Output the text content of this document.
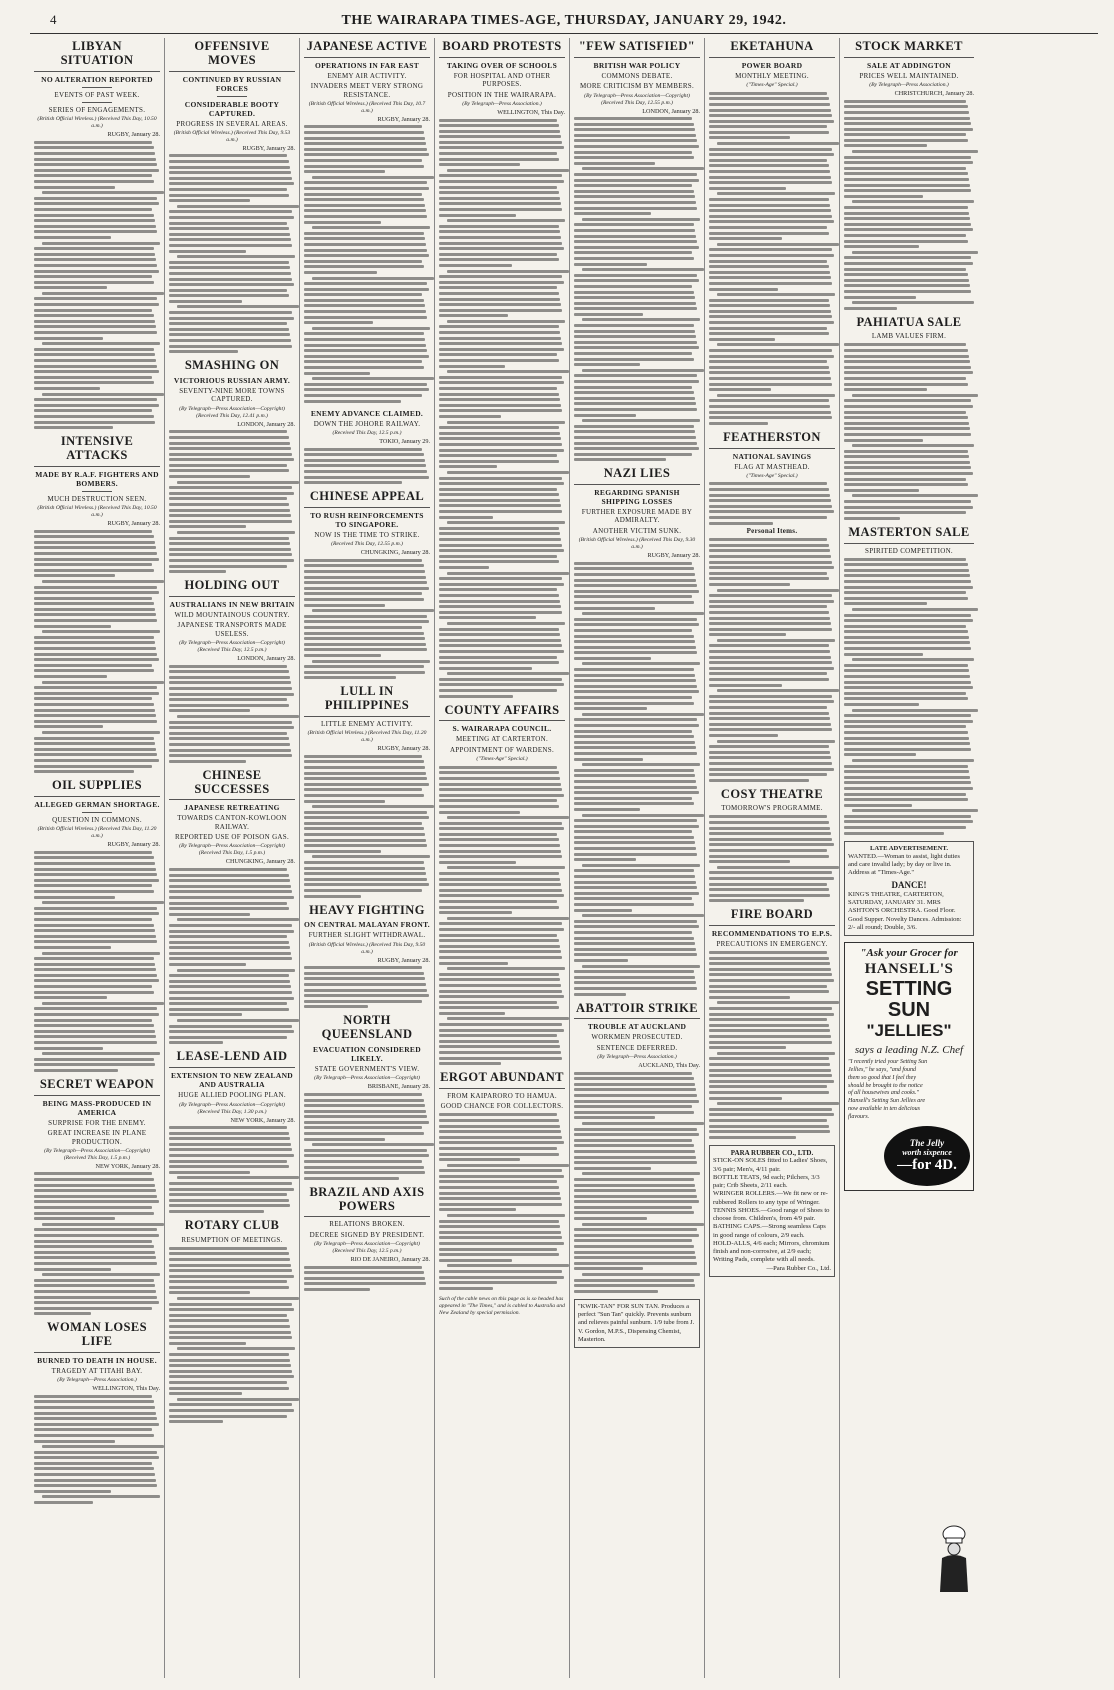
4	THE WAIRARAPA TIMES-AGE, THURSDAY, JANUARY 29, 1942.
LIBYAN SITUATION
NO ALTERATION REPORTED
EVENTS OF PAST WEEK.
SERIES OF ENGAGEMENTS.
(British Official Wireless.) (Received This Day, 10.50 a.m.)
RUGBY, January 28.
INTENSIVE ATTACKS
MADE BY R.A.F. FIGHTERS AND BOMBERS.
MUCH DESTRUCTION SEEN.
(British Official Wireless.) (Received This Day, 10.50 a.m.)
RUGBY, January 28.
OIL SUPPLIES
ALLEGED GERMAN SHORTAGE.
QUESTION IN COMMONS.
(British Official Wireless.) (Received This Day, 11.20 a.m.)
RUGBY, January 28.
SECRET WEAPON
BEING MASS-PRODUCED IN AMERICA
SURPRISE FOR THE ENEMY.
GREAT INCREASE IN PLANE PRODUCTION.
(By Telegraph—Press Association—Copyright) (Received This Day, 1.5 p.m.)
NEW YORK, January 28.
WOMAN LOSES LIFE
BURNED TO DEATH IN HOUSE.
TRAGEDY AT TITAHI BAY.
(By Telegraph—Press Association.)
WELLINGTON, This Day.
OFFENSIVE MOVES
CONTINUED BY RUSSIAN FORCES
CONSIDERABLE BOOTY CAPTURED.
PROGRESS IN SEVERAL AREAS.
(British Official Wireless.) (Received This Day, 9.53 a.m.)
RUGBY, January 28.
SMASHING ON
VICTORIOUS RUSSIAN ARMY.
SEVENTY-NINE MORE TOWNS CAPTURED.
(By Telegraph—Press Association—Copyright) (Received This Day, 12.41 p.m.)
LONDON, January 28.
HOLDING OUT
AUSTRALIANS IN NEW BRITAIN
WILD MOUNTAINOUS COUNTRY.
JAPANESE TRANSPORTS MADE USELESS.
(By Telegraph—Press Association—Copyright) (Received This Day, 12.5 p.m.)
LONDON, January 28.
CHINESE SUCCESSES
JAPANESE RETREATING
TOWARDS CANTON-KOWLOON RAILWAY.
REPORTED USE OF POISON GAS.
(By Telegraph—Press Association—Copyright) (Received This Day, 1.5 p.m.)
CHUNGKING, January 28.
LEASE-LEND AID
EXTENSION TO NEW ZEALAND AND AUSTRALIA
HUGE ALLIED POOLING PLAN.
(By Telegraph—Press Association—Copyright) (Received This Day, 1.30 p.m.)
NEW YORK, January 28.
ROTARY CLUB
RESUMPTION OF MEETINGS.
JAPANESE ACTIVE
OPERATIONS IN FAR EAST
ENEMY AIR ACTIVITY.
INVADERS MEET VERY STRONG RESISTANCE.
(British Official Wireless.) (Received This Day, 10.7 a.m.)
RUGBY, January 28.
ENEMY ADVANCE CLAIMED.
DOWN THE JOHORE RAILWAY.
(Received This Day, 12.5 p.m.)
TOKIO, January 29.
CHINESE APPEAL
TO RUSH REINFORCEMENTS TO SINGAPORE.
NOW IS THE TIME TO STRIKE.
(Received This Day, 12.55 p.m.)
CHUNGKING, January 28.
LULL IN PHILIPPINES
LITTLE ENEMY ACTIVITY.
(British Official Wireless.) (Received This Day, 11.20 a.m.)
RUGBY, January 28.
HEAVY FIGHTING
ON CENTRAL MALAYAN FRONT.
FURTHER SLIGHT WITHDRAWAL.
(British Official Wireless.) (Received This Day, 9.50 a.m.)
RUGBY, January 28.
NORTH QUEENSLAND
EVACUATION CONSIDERED LIKELY.
STATE GOVERNMENT'S VIEW.
(By Telegraph—Press Association—Copyright)
BRISBANE, January 28.
BRAZIL AND AXIS POWERS
RELATIONS BROKEN.
DECREE SIGNED BY PRESIDENT.
(By Telegraph—Press Association—Copyright) (Received This Day, 12.5 p.m.)
RIO DE JANEIRO, January 28.
BOARD PROTESTS
TAKING OVER OF SCHOOLS
FOR HOSPITAL AND OTHER PURPOSES.
POSITION IN THE WAIRARAPA.
(By Telegraph—Press Association.)
WELLINGTON, This Day.
COUNTY AFFAIRS
S. WAIRARAPA COUNCIL.
MEETING AT CARTERTON.
APPOINTMENT OF WARDENS.
("Times-Age" Special.)
ERGOT ABUNDANT
FROM KAIPARORO TO HAMUA.
GOOD CHANCE FOR COLLECTORS.
Such of the cable news on this page as is so headed has appeared in "The Times," and is cabled to Australia and New Zealand by special permission.
"FEW SATISFIED"
BRITISH WAR POLICY
COMMONS DEBATE.
MORE CRITICISM BY MEMBERS.
(By Telegraph—Press Association—Copyright) (Received This Day, 12.55 p.m.)
LONDON, January 28.
NAZI LIES
REGARDING SPANISH SHIPPING LOSSES
FURTHER EXPOSURE MADE BY ADMIRALTY.
ANOTHER VICTIM SUNK.
(British Official Wireless.) (Received This Day, 9.30 a.m.)
RUGBY, January 28.
ABATTOIR STRIKE
TROUBLE AT AUCKLAND
WORKMEN PROSECUTED.
SENTENCE DEFERRED.
(By Telegraph—Press Association.)
AUCKLAND, This Day.
"KWIK-TAN" FOR SUN TAN. Produces a perfect "Sun Tan" quickly. Prevents sunburn and relieves painful sunburn. 1/9 tube from J. V. Gordon, M.P.S., Dispensing Chemist, Masterton.
EKETAHUNA
POWER BOARD
MONTHLY MEETING.
("Times-Age" Special.)
FEATHERSTON
NATIONAL SAVINGS
FLAG AT MASTHEAD.
("Times-Age" Special.)
Personal Items.
COSY THEATRE
TOMORROW'S PROGRAMME.
FIRE BOARD
RECOMMENDATIONS TO E.P.S.
PRECAUTIONS IN EMERGENCY.
PARA RUBBER CO., LTD.
STICK-ON SOLES fitted to Ladies' Shoes, 3/6 pair; Men's, 4/11 pair.
BOTTLE TEATS, 9d each; Pilchers, 3/3 pair; Crib Sheets, 2/11 each.
WRINGER ROLLERS.—We fit new or re-rubbered Rollers to any type of Wringer.
TENNIS SHOES.—Good range of Shoes to choose from. Children's, from 4/9 pair.
BATHING CAPS.—Strong seamless Caps in good range of colours, 2/9 each.
HOLD-ALLS, 4/6 each; Mirrors, chromium finish and non-corrosive, at 2/9 each; Writing Pads, complete with all needs.
—Para Rubber Co., Ltd.
STOCK MARKET
SALE AT ADDINGTON
PRICES WELL MAINTAINED.
(By Telegraph—Press Association.)
CHRISTCHURCH, January 28.
PAHIATUA SALE
LAMB VALUES FIRM.
MASTERTON SALE
SPIRITED COMPETITION.
LATE ADVERTISEMENT.
WANTED.—Woman to assist, light duties and care invalid lady; by day or live in. Address at "Times-Age."
DANCE!
KING'S THEATRE, CARTERTON, SATURDAY, JANUARY 31. MRS ASHTON'S ORCHESTRA. Good Floor. Good Supper. Novelty Dances. Admission: 2/- all round; Double, 3/6.
"Ask your Grocer for
HANSELL'S
SETTING SUN
"JELLIES"
says a leading N.Z. Chef
"I recently tried your Setting Sun Jellies," he says, "and found them so good that I feel they should be brought to the notice of all housewives and cooks." Hansell's Setting Sun Jellies are now available in ten delicious flavours.
The Jelly
worth sixpence
—for 4D.
